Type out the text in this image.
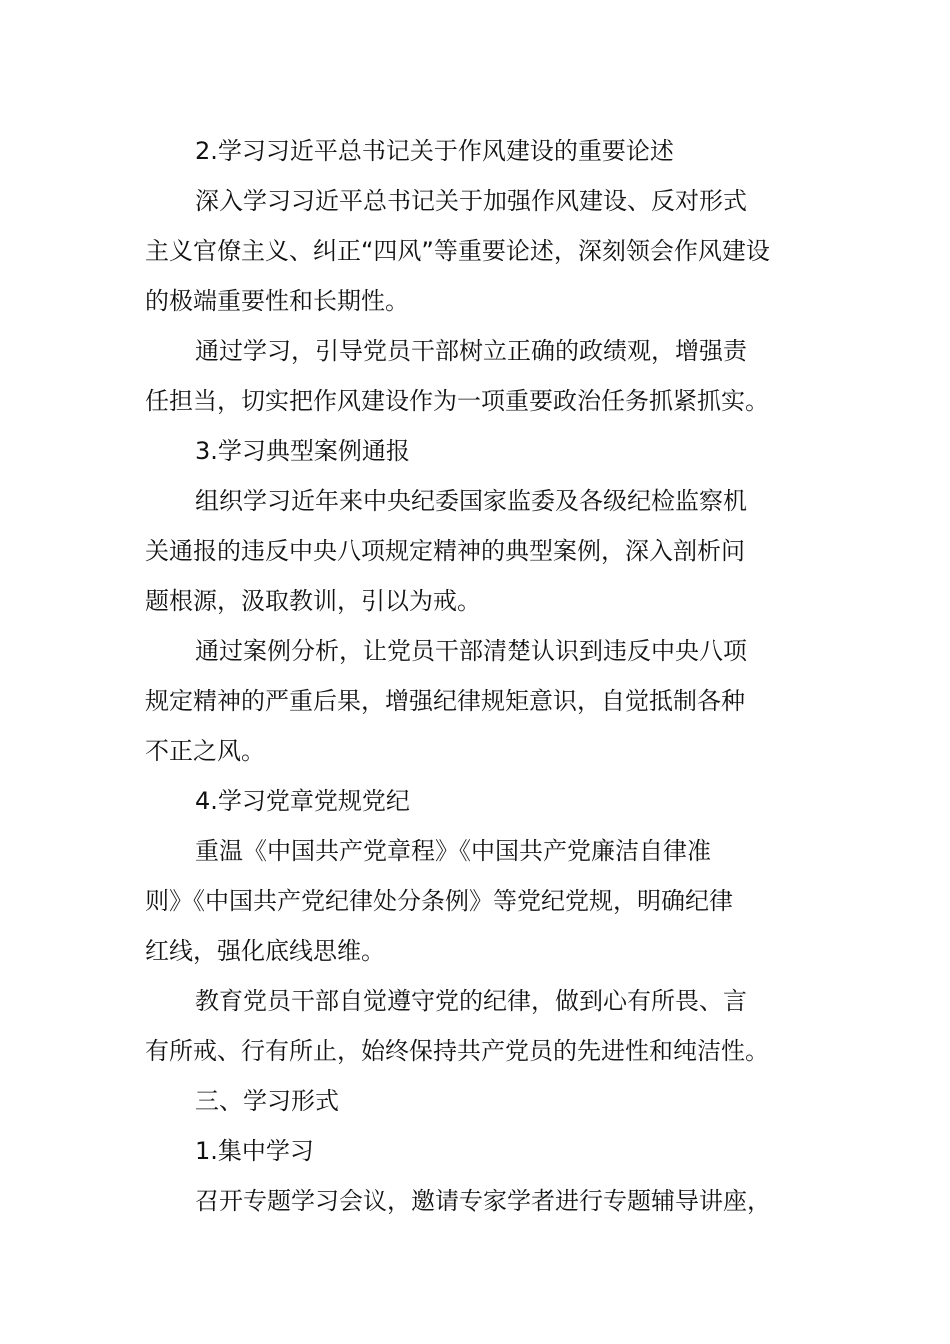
2.学习习近平总书记关于作风建设的重要论述
深入学习习近平总书记关于加强作风建设、反对形式
主义官僚主义、纠正“四风”等重要论述，深刻领会作风建设
的极端重要性和长期性。
通过学习，引导党员干部树立正确的政绩观，增强责
任担当，切实把作风建设作为一项重要政治任务抓紧抓实。
3.学习典型案例通报
组织学习近年来中央纪委国家监委及各级纪检监察机
关通报的违反中央八项规定精神的典型案例，深入剖析问
题根源，汲取教训，引以为戒。
通过案例分析，让党员干部清楚认识到违反中央八项
规定精神的严重后果，增强纪律规矩意识，自觉抵制各种
不正之风。
4.学习党章党规党纪
重温《中国共产党章程》《中国共产党廉洁自律准
则》《中国共产党纪律处分条例》等党纪党规，明确纪律
红线，强化底线思维。
教育党员干部自觉遵守党的纪律，做到心有所畏、言
有所戒、行有所止，始终保持共产党员的先进性和纯洁性。
三、学习形式
1.集中学习
召开专题学习会议，邀请专家学者进行专题辅导讲座，
